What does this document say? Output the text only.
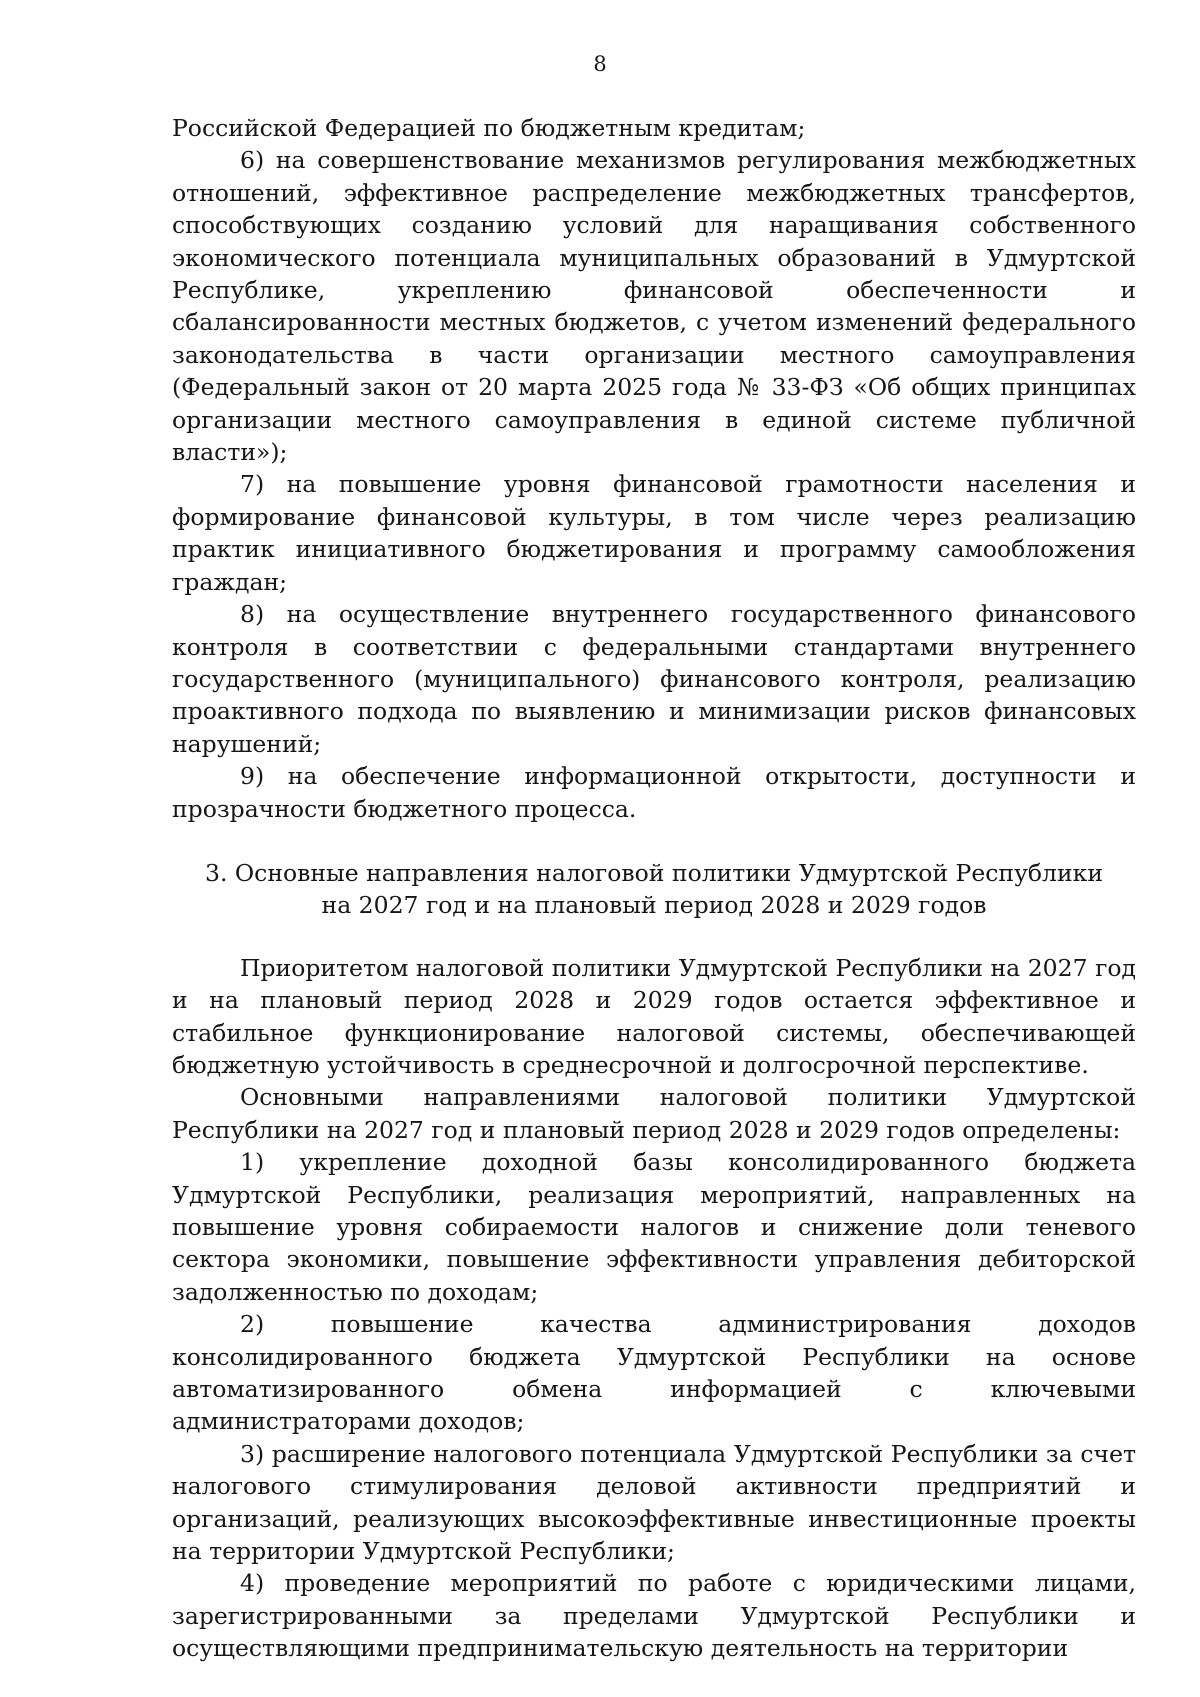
8

Российской Федерацией по бюджетным кредитам;

6) на совершенствование механизмов регулирования межбюджетных отношений, эффективное распределение межбюджетных трансфертов, способствующих созданию условий для наращивания собственного экономического потенциала муниципальных образований в Удмуртской Республике, укреплению финансовой обеспеченности и сбалансированности местных бюджетов, с учетом изменений федерального законодательства в части организации местного самоуправления (Федеральный закон от 20 марта 2025 года № 33-ФЗ «Об общих принципах организации местного самоуправления в единой системе публичной власти»);

7) на повышение уровня финансовой грамотности населения и формирование финансовой культуры, в том числе через реализацию практик инициативного бюджетирования и программу самообложения граждан;

8) на осуществление внутреннего государственного финансового контроля в соответствии с федеральными стандартами внутреннего государственного (муниципального) финансового контроля, реализацию проактивного подхода по выявлению и минимизации рисков финансовых нарушений;

9) на обеспечение информационной открытости, доступности и прозрачности бюджетного процесса.

3. Основные направления налоговой политики Удмуртской Республики
на 2027 год и на плановый период 2028 и 2029 годов

Приоритетом налоговой политики Удмуртской Республики на 2027 год и на плановый период 2028 и 2029 годов остается эффективное и стабильное функционирование налоговой системы, обеспечивающей бюджетную устойчивость в среднесрочной и долгосрочной перспективе.

Основными направлениями налоговой политики Удмуртской Республики на 2027 год и плановый период 2028 и 2029 годов определены:

1) укрепление доходной базы консолидированного бюджета Удмуртской Республики, реализация мероприятий, направленных на повышение уровня собираемости налогов и снижение доли теневого сектора экономики, повышение эффективности управления дебиторской задолженностью по доходам;

2) повышение качества администрирования доходов консолидированного бюджета Удмуртской Республики на основе автоматизированного обмена информацией с ключевыми администраторами доходов;

3) расширение налогового потенциала Удмуртской Республики за счет налогового стимулирования деловой активности предприятий и организаций, реализующих высокоэффективные инвестиционные проекты на территории Удмуртской Республики;

4) проведение мероприятий по работе с юридическими лицами, зарегистрированными за пределами Удмуртской Республики и осуществляющими предпринимательскую деятельность на территории
